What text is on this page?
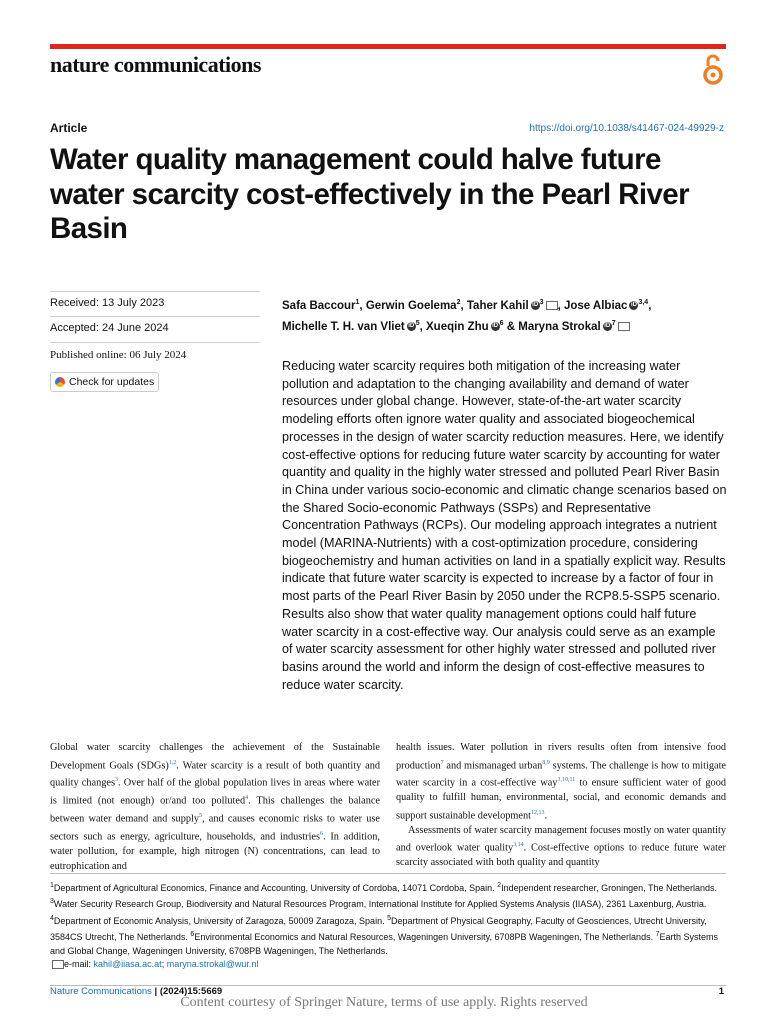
nature communications
Article	https://doi.org/10.1038/s41467-024-49929-z
Water quality management could halve future water scarcity cost-effectively in the Pearl River Basin
Received: 13 July 2023
Accepted: 24 June 2024
Published online: 06 July 2024
Check for updates
Safa Baccour$^1$, Gerwin Goelema$^2$, Taher Kahil iD $^3$ , Jose Albiac iD $^{3,4}$, Michelle T. H. van Vliet iD $^5$, Xueqin Zhu iD $^6$ & Maryna Strokal iD $^7$
Reducing water scarcity requires both mitigation of the increasing water pollution and adaptation to the changing availability and demand of water resources under global change. However, state-of-the-art water scarcity modeling efforts often ignore water quality and associated biogeochemical processes in the design of water scarcity reduction measures. Here, we identify cost-effective options for reducing future water scarcity by accounting for water quantity and quality in the highly water stressed and polluted Pearl River Basin in China under various socio-economic and climatic change scenarios based on the Shared Socio-economic Pathways (SSPs) and Representative Concentration Pathways (RCPs). Our modeling approach integrates a nutrient model (MARINA-Nutrients) with a cost-optimization procedure, considering biogeochemistry and human activities on land in a spatially explicit way. Results indicate that future water scarcity is expected to increase by a factor of four in most parts of the Pearl River Basin by 2050 under the RCP8.5-SSP5 scenario. Results also show that water quality management options could half future water scarcity in a cost-effective way. Our analysis could serve as an example of water scarcity assessment for other highly water stressed and polluted river basins around the world and inform the design of cost-effective measures to reduce water scarcity.

Global water scarcity challenges the achievement of the Sustainable Development Goals (SDGs)$^{1,2}$. Water scarcity is a result of both quantity and quality changes$^3$. Over half of the global population lives in areas where water is limited (not enough) or/and too polluted$^4$. This challenges the balance between water demand and supply$^5$, and causes economic risks to water use sectors such as energy, agriculture, households, and industries$^6$. In addition, water pollution, for example, high nitrogen (N) concentrations, can lead to eutrophication and

health issues. Water pollution in rivers results often from intensive food production$^7$ and mismanaged urban$^{8,9}$ systems. The challenge is how to mitigate water scarcity in a cost-effective way$^{3,10,11}$ to ensure sufficient water of good quality to fulfill human, environmental, social, and economic demands and support sustainable development$^{12,13}$.

Assessments of water scarcity management focuses mostly on water quantity and overlook water quality$^{3,14}$. Cost-effective options to reduce future water scarcity associated with both quality and quantity

$^1$Department of Agricultural Economics, Finance and Accounting, University of Cordoba, 14071 Cordoba, Spain. $^2$Independent researcher, Groningen, The Netherlands. $^3$Water Security Research Group, Biodiversity and Natural Resources Program, International Institute for Applied Systems Analysis (IIASA), 2361 Laxenburg, Austria. $^4$Department of Economic Analysis, University of Zaragoza, 50009 Zaragoza, Spain. $^5$Department of Physical Geography, Faculty of Geosciences, Utrecht University, 3584CS Utrecht, The Netherlands. $^6$Environmental Economics and Natural Resources, Wageningen University, 6708PB Wageningen, The Netherlands. $^7$Earth Systems and Global Change, Wageningen University, 6708PB Wageningen, The Netherlands.
e-mail: kahil@iiasa.ac.at; maryna.strokal@wur.nl
Nature Communications | (2024)15:5669	1
Content courtesy of Springer Nature, terms of use apply. Rights reserved
